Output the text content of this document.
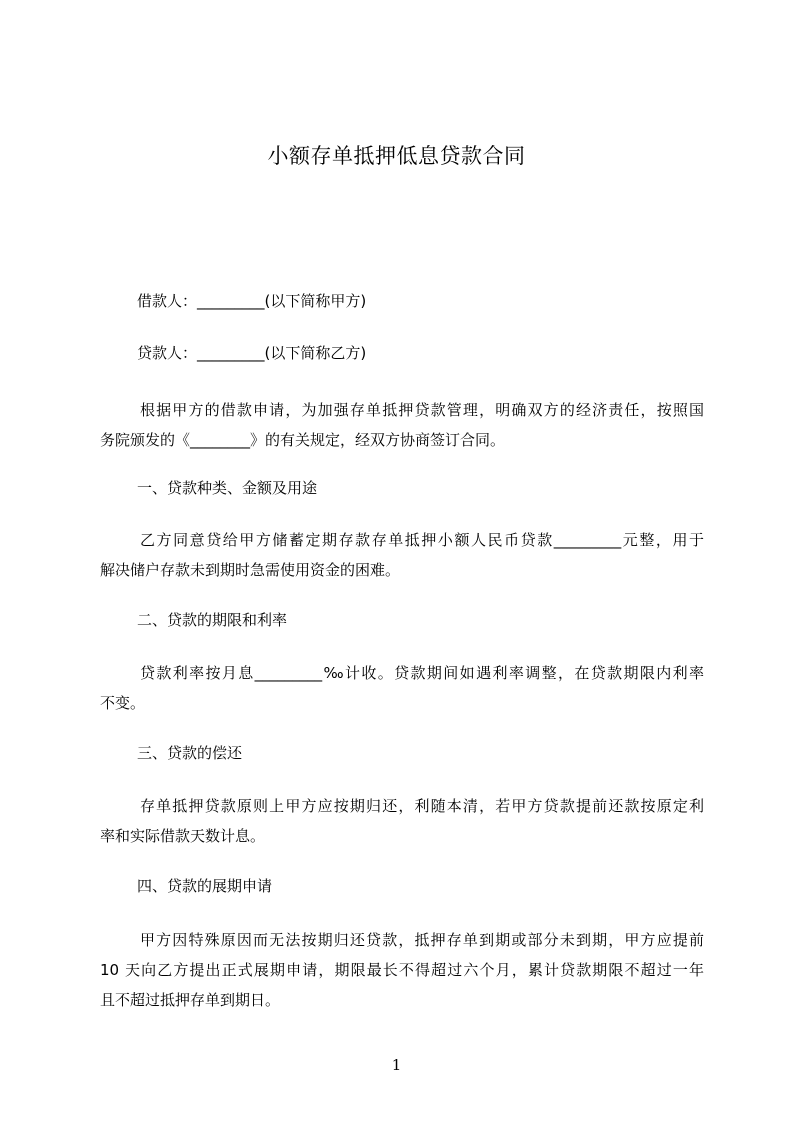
小额存单抵押低息贷款合同
借款人：_________(以下简称甲方)
贷款人：_________(以下简称乙方)
根据甲方的借款申请，为加强存单抵押贷款管理，明确双方的经济责任，按照国
务院颁发的《________》的有关规定，经双方协商签订合同。
一、贷款种类、金额及用途
乙方同意贷给甲方储蓄定期存款存单抵押小额人民币贷款_________元整，用于
解决储户存款未到期时急需使用资金的困难。
二、贷款的期限和利率
贷款利率按月息_________‰计收。贷款期间如遇利率调整，在贷款期限内利率
不变。
三、贷款的偿还
存单抵押贷款原则上甲方应按期归还，利随本清，若甲方贷款提前还款按原定利
率和实际借款天数计息。
四、贷款的展期申请
甲方因特殊原因而无法按期归还贷款，抵押存单到期或部分未到期，甲方应提前
10 天向乙方提出正式展期申请，期限最长不得超过六个月，累计贷款期限不超过一年
且不超过抵押存单到期日。
1
